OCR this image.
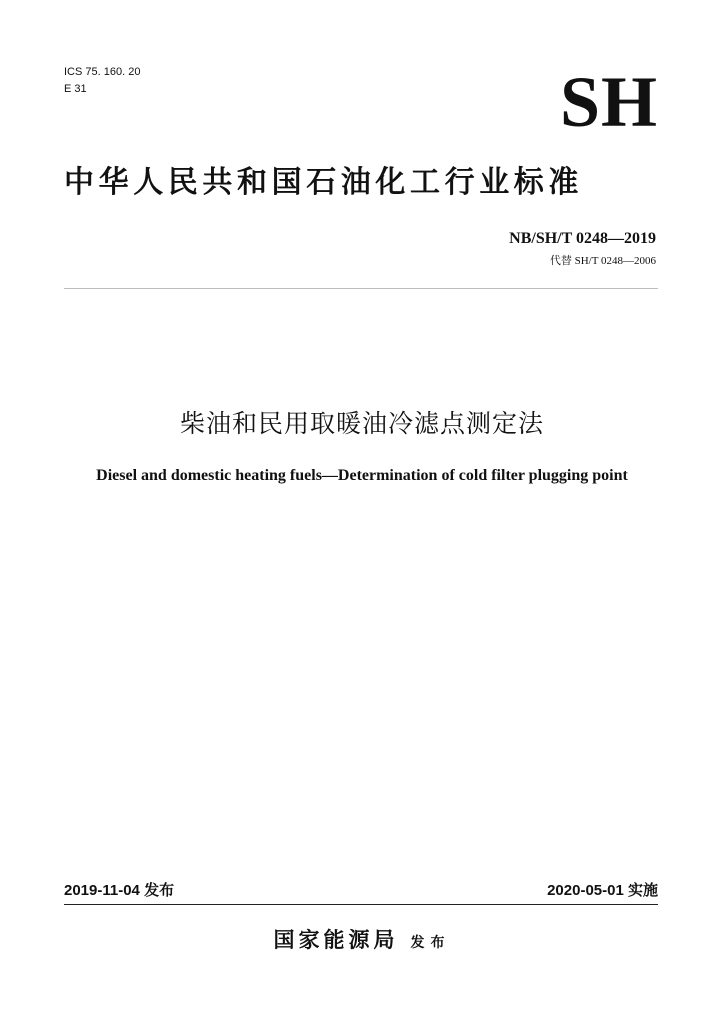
ICS 75. 160. 20
E 31	SH
中华人民共和国石油化工行业标准
NB/SH/T 0248—2019
代替 SH/T 0248—2006
柴油和民用取暖油冷滤点测定法
Diesel and domestic heating fuels—Determination of cold filter plugging point
2019-11-04 发布	2020-05-01 实施
国家能源局 发布
